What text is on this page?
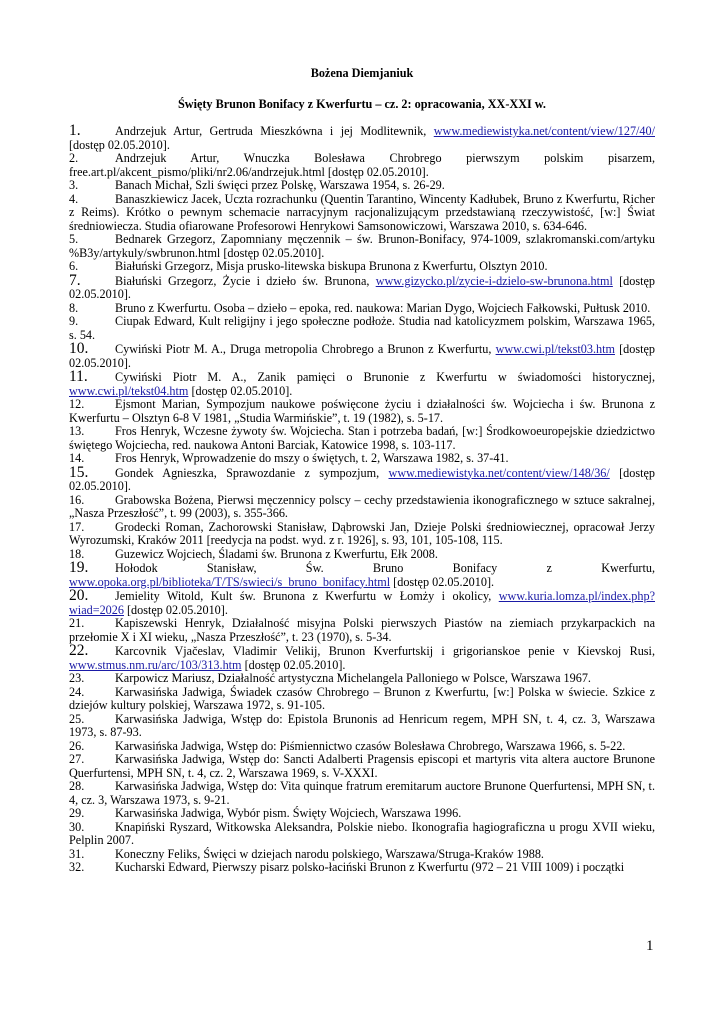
Bożena Diemjaniuk
Święty Brunon Bonifacy z Kwerfurtu – cz. 2: opracowania, XX-XXI w.

1.	Andrzejuk Artur, Gertruda Mieszkówna i jej Modlitewnik, www.mediewistyka.net/content/view/127/40/ [dostęp 02.05.2010].

2.	Andrzejuk Artur, Wnuczka Bolesława Chrobrego pierwszym polskim pisarzem, free.art.pl/akcent_pismo/pliki/nr2.06/andrzejuk.html [dostęp 02.05.2010].

3.	Banach Michał, Szli święci przez Polskę, Warszawa 1954, s. 26-29.

4.	Banaszkiewicz Jacek, Uczta rozrachunku (Quentin Tarantino, Wincenty Kadłubek, Bruno z Kwerfurtu, Richer z Reims). Krótko o pewnym schemacie narracyjnym racjonalizującym przedstawianą rzeczywistość, [w:] Świat średniowiecza. Studia ofiarowane Profesorowi Henrykowi Samsonowiczowi, Warszawa 2010, s. 634-646.

5.	Bednarek Grzegorz, Zapomniany męczennik – św. Brunon-Bonifacy, 974-1009, szlakromanski.com/artyku %B3y/artykuly/swbrunon.html [dostęp 02.05.2010].

6.	Białuński Grzegorz, Misja prusko-litewska biskupa Brunona z Kwerfurtu, Olsztyn 2010.

7.	Białuński Grzegorz, Życie i dzieło św. Brunona, www.gizycko.pl/zycie-i-dzielo-sw-brunona.html [dostęp 02.05.2010].

8.	Bruno z Kwerfurtu. Osoba – dzieło – epoka, red. naukowa: Marian Dygo, Wojciech Fałkowski, Pułtusk 2010.

9.	Ciupak Edward, Kult religijny i jego społeczne podłoże. Studia nad katolicyzmem polskim, Warszawa 1965, s. 54.

10. Cywiński Piotr M. A., Druga metropolia Chrobrego a Brunon z Kwerfurtu, www.cwi.pl/tekst03.htm [dostęp 02.05.2010].

11. Cywiński Piotr M. A., Zanik pamięci o Brunonie z Kwerfurtu w świadomości historycznej, www.cwi.pl/tekst04.htm [dostęp 02.05.2010].

12.	Ejsmont Marian, Sympozjum naukowe poświęcone życiu i działalności św. Wojciecha i św. Brunona z Kwerfurtu – Olsztyn 6-8 V 1981, „Studia Warmińskie”, t. 19 (1982), s. 5-17.

13.	Fros Henryk, Wczesne żywoty św. Wojciecha. Stan i potrzeba badań, [w:] Środkowoeuropejskie dziedzictwo świętego Wojciecha, red. naukowa Antoni Barciak, Katowice 1998, s. 103-117.

14.	Fros Henryk, Wprowadzenie do mszy o świętych, t. 2, Warszawa 1982, s. 37-41.

15. Gondek Agnieszka, Sprawozdanie z sympozjum, www.mediewistyka.net/content/view/148/36/ [dostęp 02.05.2010].

16.	Grabowska Bożena, Pierwsi męczennicy polscy – cechy przedstawienia ikonograficznego w sztuce sakralnej, „Nasza Przeszłość”, t. 99 (2003), s. 355-366.

17.	Grodecki Roman, Zachorowski Stanisław, Dąbrowski Jan, Dzieje Polski średniowiecznej, opracował Jerzy Wyrozumski, Kraków 2011 [reedycja na podst. wyd. z r. 1926], s. 93, 101, 105-108, 115.

18.	Guzewicz Wojciech, Śladami św. Brunona z Kwerfurtu, Ełk 2008.

19. Hołodok Stanisław, Św. Bruno Bonifacy z Kwerfurtu, www.opoka.org.pl/biblioteka/T/TS/swieci/s_bruno_bonifacy.html [dostęp 02.05.2010].

20. Jemielity Witold, Kult św. Brunona z Kwerfurtu w Łomży i okolicy, www.kuria.lomza.pl/index.php?wiad=2026 [dostęp 02.05.2010].

21.	Kapiszewski Henryk, Działalność misyjna Polski pierwszych Piastów na ziemiach przykarpackich na przełomie X i XI wieku, „Nasza Przeszłość”, t. 23 (1970), s. 5-34.

22. Karcovnik Vjačeslav, Vladimir Velikij, Brunon Kverfurtskij i grigorianskoe penie v Kievskoj Rusi, www.stmus.nm.ru/arc/103/313.htm [dostęp 02.05.2010].

23.	Karpowicz Mariusz, Działalność artystyczna Michelangela Palloniego w Polsce, Warszawa 1967.

24.	Karwasińska Jadwiga, Świadek czasów Chrobrego – Brunon z Kwerfurtu, [w:] Polska w świecie. Szkice z dziejów kultury polskiej, Warszawa 1972, s. 91-105.

25.	Karwasińska Jadwiga, Wstęp do: Epistola Brunonis ad Henricum regem, MPH SN, t. 4, cz. 3, Warszawa 1973, s. 87-93.

26.	Karwasińska Jadwiga, Wstęp do: Piśmiennictwo czasów Bolesława Chrobrego, Warszawa 1966, s. 5-22.

27.	Karwasińska Jadwiga, Wstęp do: Sancti Adalberti Pragensis episcopi et martyris vita altera auctore Brunone Querfurtensi, MPH SN, t. 4, cz. 2, Warszawa 1969, s. V-XXXI.

28.	Karwasińska Jadwiga, Wstęp do: Vita quinque fratrum eremitarum auctore Brunone Querfurtensi, MPH SN, t. 4, cz. 3, Warszawa 1973, s. 9-21.

29.	Karwasińska Jadwiga, Wybór pism. Święty Wojciech, Warszawa 1996.

30.	Knapiński Ryszard, Witkowska Aleksandra, Polskie niebo. Ikonografia hagiograficzna u progu XVII wieku, Pelplin 2007.

31.	Koneczny Feliks, Święci w dziejach narodu polskiego, Warszawa/Struga-Kraków 1988.

32.	Kucharski Edward, Pierwszy pisarz polsko-łaciński Brunon z Kwerfurtu (972 – 21 VIII 1009) i początki

1
